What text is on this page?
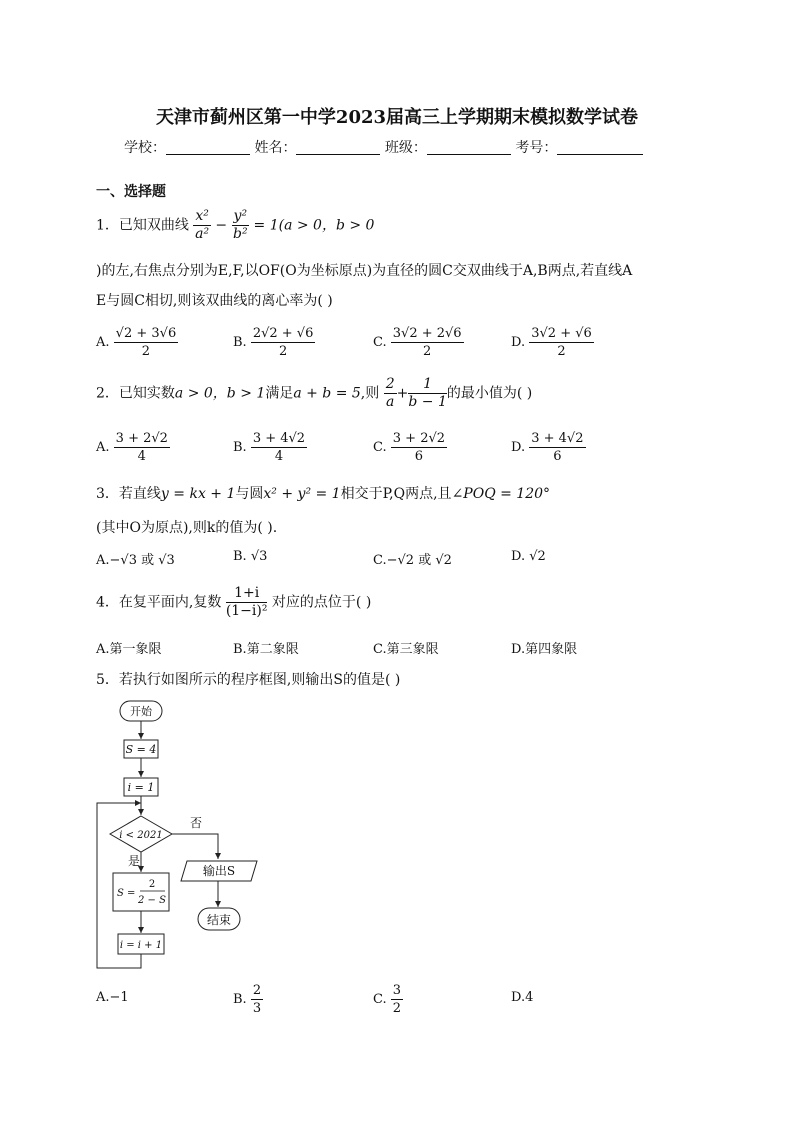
天津市蓟州区第一中学2023届高三上学期期末模拟数学试卷
学校：	姓名：	班级：	考号：
一、选择题
1．已知双曲线 $\frac{\text{x²}}{\text{a²}} - \frac{\text{y²}}{\text{b²}} = 1(a > 0$，b > 0
)的左,右焦点分别为E,F,以OF(O为坐标原点)为直径的圆C交双曲线于A,B两点,若直线A
E与圆C相切,则该双曲线的离心率为( )
A. $\frac{√2 + 3√6}{2}$	B. $\frac{2√2 + √6}{2}$	C. $\frac{3√2 + 2√6}{2}$	D. $\frac{3√2 + √6}{2}$
2．已知实数a > 0，b > 1满足a + b = 5,则 $\frac{2}{a} + \frac{1}{b - 1}$ 的最小值为( )
A. $\frac{3 + 2√2}{4}$	B. $\frac{3 + 4√2}{4}$	C. $\frac{3 + 2√2}{6}$	D. $\frac{3 + 4√2}{6}$
3．若直线y = kx + 1与圆x² + y² = 1相交于P,Q两点,且∠POQ = 120°
(其中O为原点),则k的值为( ).
A.−√3 或 √3	B. √3	C.−√2 或 √2	D. √2
4．在复平面内,复数 $\frac{1+i}{\text{(1−i)²}}$ 对应的点位于( )
A.第一象限	B.第二象限	C.第三象限	D.第四象限
5．若执行如图所示的程序框图,则输出S的值是( )
开始
S = 4
i = 1
i < 2021
否
是
S =
2
2 − S
i = i + 1
输出S
结束
A.−1	B. $\frac{2}{3}$	C. $\frac{3}{2}$	D.4
